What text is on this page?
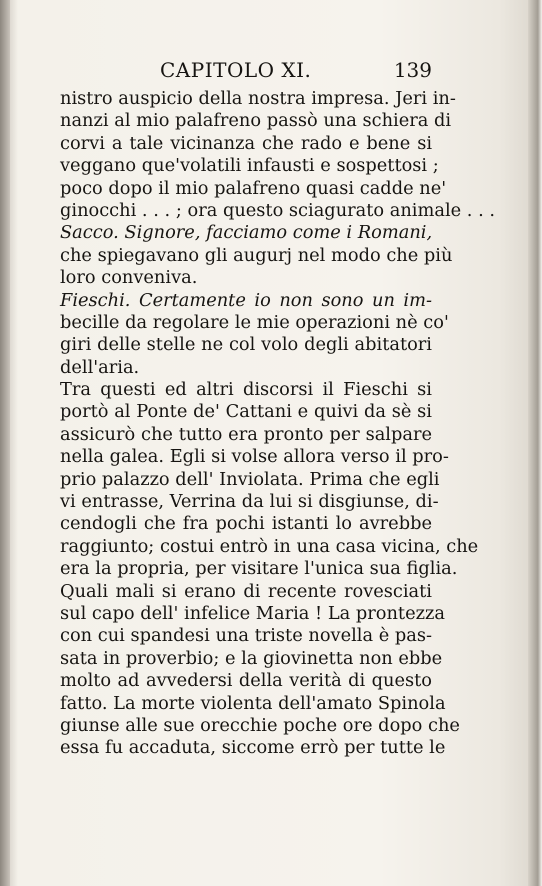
CAPITOLO XI.	139
nistro auspicio della nostra impresa. Jeri in-
nanzi al mio palafreno passò una schiera di
corvi a tale vicinanza che rado e bene si
veggano que'volatili infausti e sospettosi ;
poco dopo il mio palafreno quasi cadde ne'
ginocchi . . . ; ora questo sciagurato animale . . .
Sacco. Signore, facciamo come i Romani,
che spiegavano gli augurj nel modo che più
loro conveniva.
Fieschi. Certamente io non sono un im-
becille da regolare le mie operazioni nè co'
giri delle stelle ne col volo degli abitatori
dell'aria.
Tra questi ed altri discorsi il Fieschi si
portò al Ponte de' Cattani e quivi da sè si
assicurò che tutto era pronto per salpare
nella galea. Egli si volse allora verso il pro-
prio palazzo dell' Inviolata. Prima che egli
vi entrasse, Verrina da lui si disgiunse, di-
cendogli che fra pochi istanti lo avrebbe
raggiunto; costui entrò in una casa vicina, che
era la propria, per visitare l'unica sua figlia.
Quali mali si erano di recente rovesciati
sul capo dell' infelice Maria ! La prontezza
con cui spandesi una triste novella è pas-
sata in proverbio; e la giovinetta non ebbe
molto ad avvedersi della verità di questo
fatto. La morte violenta dell'amato Spinola
giunse alle sue orecchie poche ore dopo che
essa fu accaduta, siccome errò per tutte le
